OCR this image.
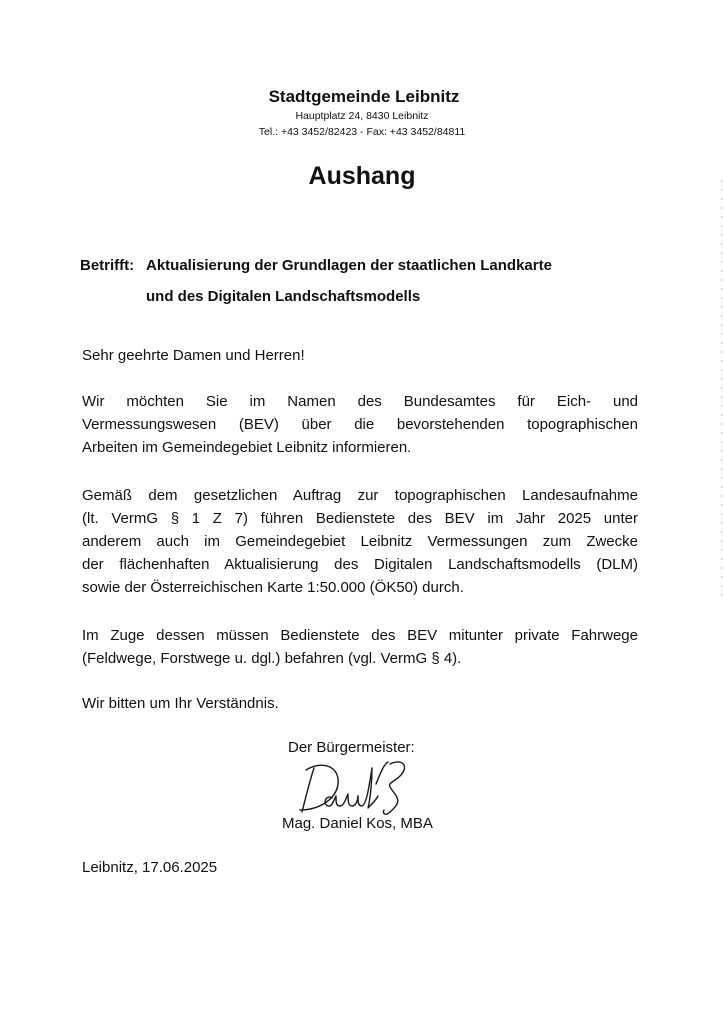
Stadtgemeinde Leibnitz
Hauptplatz 24, 8430 Leibnitz
Tel.: +43 3452/82423 - Fax: +43 3452/84811
Aushang
Betrifft: Aktualisierung der Grundlagen der staatlichen Landkarte
und des Digitalen Landschaftsmodells
Sehr geehrte Damen und Herren!
Wir möchten Sie im Namen des Bundesamtes für Eich- und
Vermessungswesen (BEV) über die bevorstehenden topographischen
Arbeiten im Gemeindegebiet Leibnitz informieren.
Gemäß dem gesetzlichen Auftrag zur topographischen Landesaufnahme
(lt. VermG § 1 Z 7) führen Bedienstete des BEV im Jahr 2025 unter
anderem auch im Gemeindegebiet Leibnitz Vermessungen zum Zwecke
der flächenhaften Aktualisierung des Digitalen Landschaftsmodells (DLM)
sowie der Österreichischen Karte 1:50.000 (ÖK50) durch.
Im Zuge dessen müssen Bedienstete des BEV mitunter private Fahrwege
(Feldwege, Forstwege u. dgl.) befahren (vgl. VermG § 4).
Wir bitten um Ihr Verständnis.
Der Bürgermeister:
Mag. Daniel Kos, MBA
Leibnitz, 17.06.2025
